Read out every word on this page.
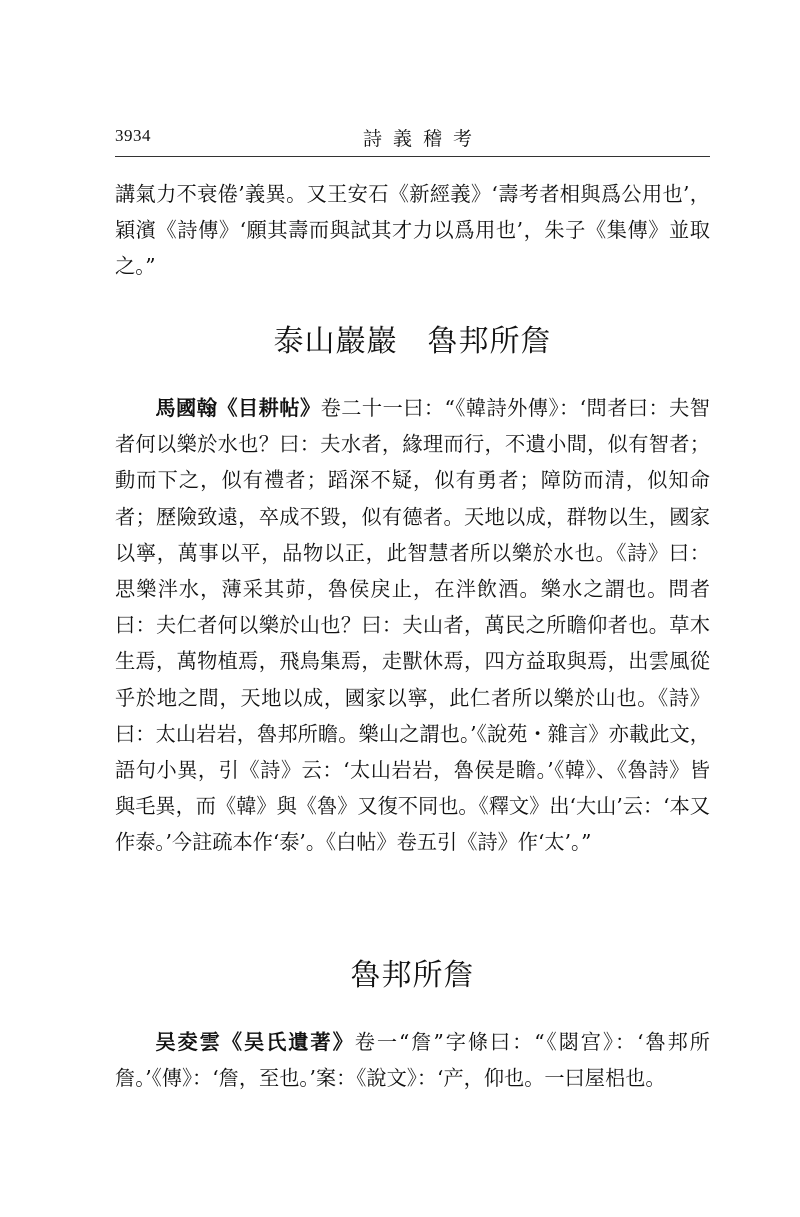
3934	詩義稽考

講氣力不衰倦’義異。又王安石《新經義》‘壽考者相與爲公用也’，穎濱《詩傳》‘願其壽而與試其才力以爲用也’，朱子《集傳》並取之。”

泰山巖巖 魯邦所詹

馬國翰《目耕帖》卷二十一曰：“《韓詩外傳》：‘問者曰：夫智者何以樂於水也？曰：夫水者，緣理而行，不遺小間，似有智者；動而下之，似有禮者；蹈深不疑，似有勇者；障防而清，似知命者；歷險致遠，卒成不毀，似有德者。天地以成，群物以生，國家以寧，萬事以平，品物以正，此智慧者所以樂於水也。《詩》曰：思樂泮水，薄采其茆，魯侯戾止，在泮飲酒。樂水之謂也。問者曰：夫仁者何以樂於山也？曰：夫山者，萬民之所瞻仰者也。草木生焉，萬物植焉，飛鳥集焉，走獸休焉，四方益取與焉，出雲風從乎於地之間，天地以成，國家以寧，此仁者所以樂於山也。《詩》曰：太山岩岩，魯邦所瞻。樂山之謂也。’《說苑・雜言》亦載此文，語句小異，引《詩》云：‘太山岩岩，魯侯是瞻。’《韓》、《魯詩》皆與毛異，而《韓》與《魯》又復不同也。《釋文》出‘大山’云：‘本又作泰。’今註疏本作‘泰’。《白帖》卷五引《詩》作‘太’。”

魯邦所詹

吴夌雲《吴氏遺著》卷一“詹”字條曰：“《閟宫》：‘魯邦所詹。’《傳》：‘詹，至也。’案：《說文》：‘产，仰也。一曰屋梠也。
